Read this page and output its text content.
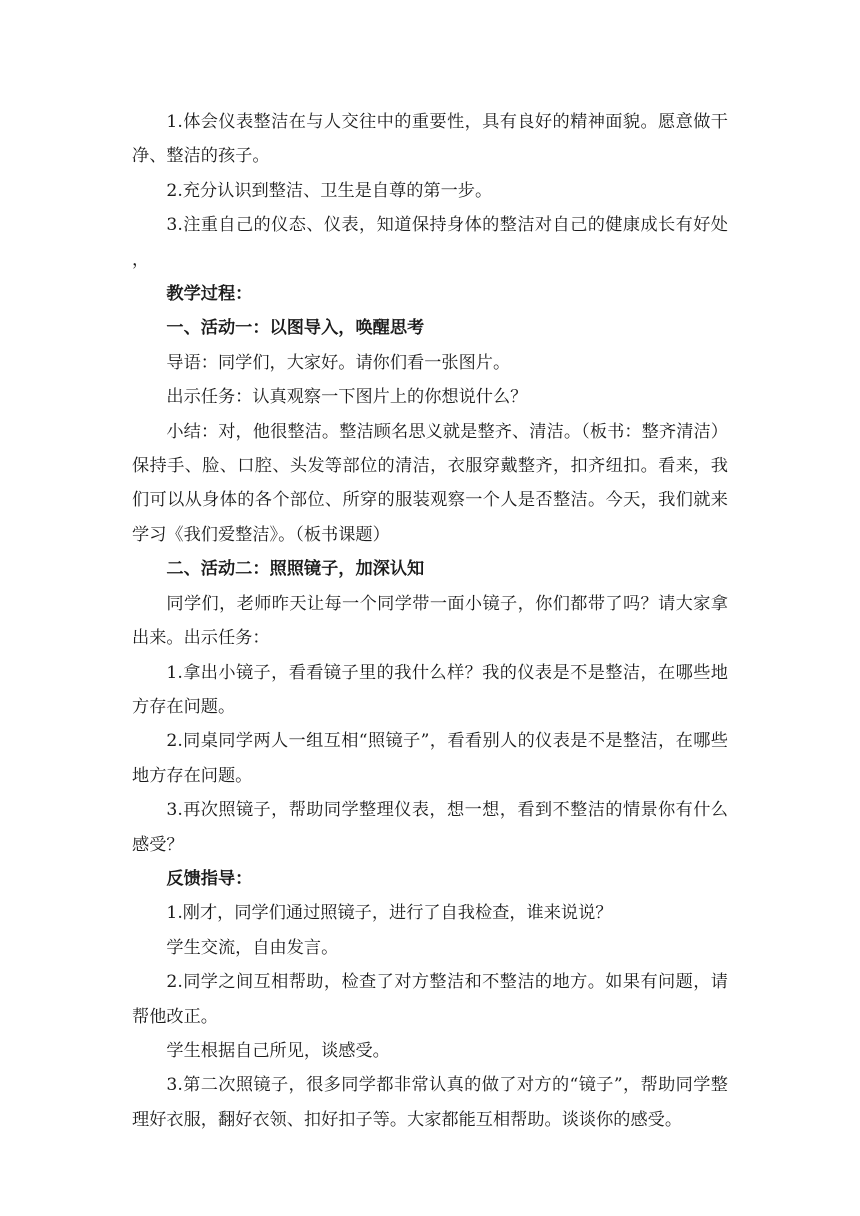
1.体会仪表整洁在与人交往中的重要性，具有良好的精神面貌。愿意做干净、整洁的孩子。

2.充分认识到整洁、卫生是自尊的第一步。

3.注重自己的仪态、仪表，知道保持身体的整洁对自己的健康成长有好处，

教学过程：

一、活动一：以图导入，唤醒思考

导语：同学们，大家好。请你们看一张图片。

出示任务：认真观察一下图片上的你想说什么？

小结：对，他很整洁。整洁顾名思义就是整齐、清洁。（板书：整齐清洁）保持手、脸、口腔、头发等部位的清洁，衣服穿戴整齐，扣齐纽扣。看来，我们可以从身体的各个部位、所穿的服装观察一个人是否整洁。今天，我们就来学习《我们爱整洁》。（板书课题）

二、活动二：照照镜子，加深认知

同学们，老师昨天让每一个同学带一面小镜子，你们都带了吗？请大家拿出来。出示任务：

1.拿出小镜子，看看镜子里的我什么样？我的仪表是不是整洁，在哪些地方存在问题。

2.同桌同学两人一组互相“照镜子”，看看别人的仪表是不是整洁，在哪些地方存在问题。

3.再次照镜子，帮助同学整理仪表，想一想，看到不整洁的情景你有什么感受？

反馈指导：

1.刚才，同学们通过照镜子，进行了自我检查，谁来说说？

学生交流，自由发言。

2.同学之间互相帮助，检查了对方整洁和不整洁的地方。如果有问题，请帮他改正。

学生根据自己所见，谈感受。

3.第二次照镜子，很多同学都非常认真的做了对方的“镜子”，帮助同学整理好衣服，翻好衣领、扣好扣子等。大家都能互相帮助。谈谈你的感受。
